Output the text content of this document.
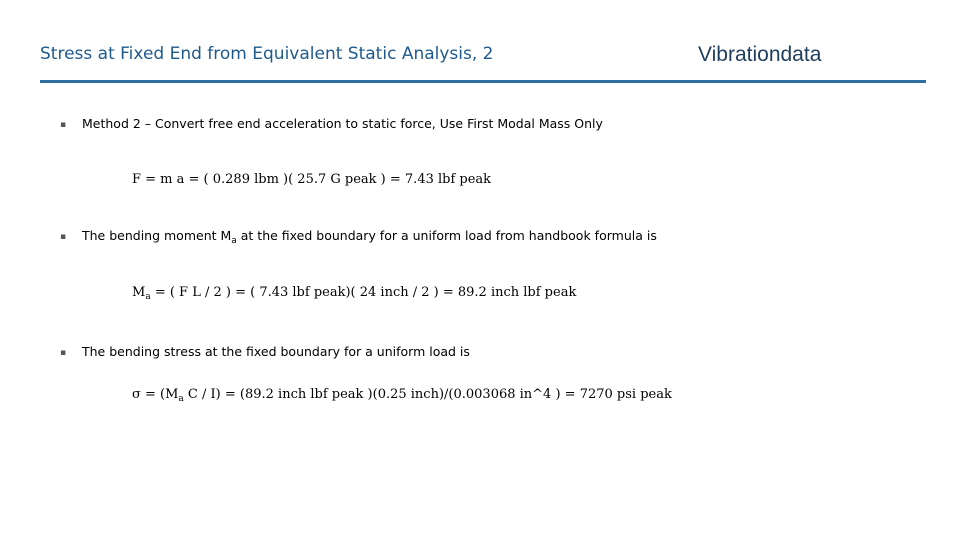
Stress at Fixed End from Equivalent Static Analysis, 2	Vibrationdata
▪ Method 2 – Convert free end acceleration to static force, Use First Modal Mass Only
F = m a = ( 0.289 lbm )( 25.7 G peak ) = 7.43 lbf peak
▪ The bending moment $M_a$ at the fixed boundary for a uniform load from handbook formula is
$M_a$ = ( F L / 2 ) = ( 7.43 lbf peak)( 24 inch / 2 ) = 89.2 inch lbf peak
▪ The bending stress at the fixed boundary for a uniform load is
$\sigma = (M_a$ C / I) = (89.2 inch lbf peak )(0.25 inch)/(0.003068 in^4 ) = 7270 psi peak
